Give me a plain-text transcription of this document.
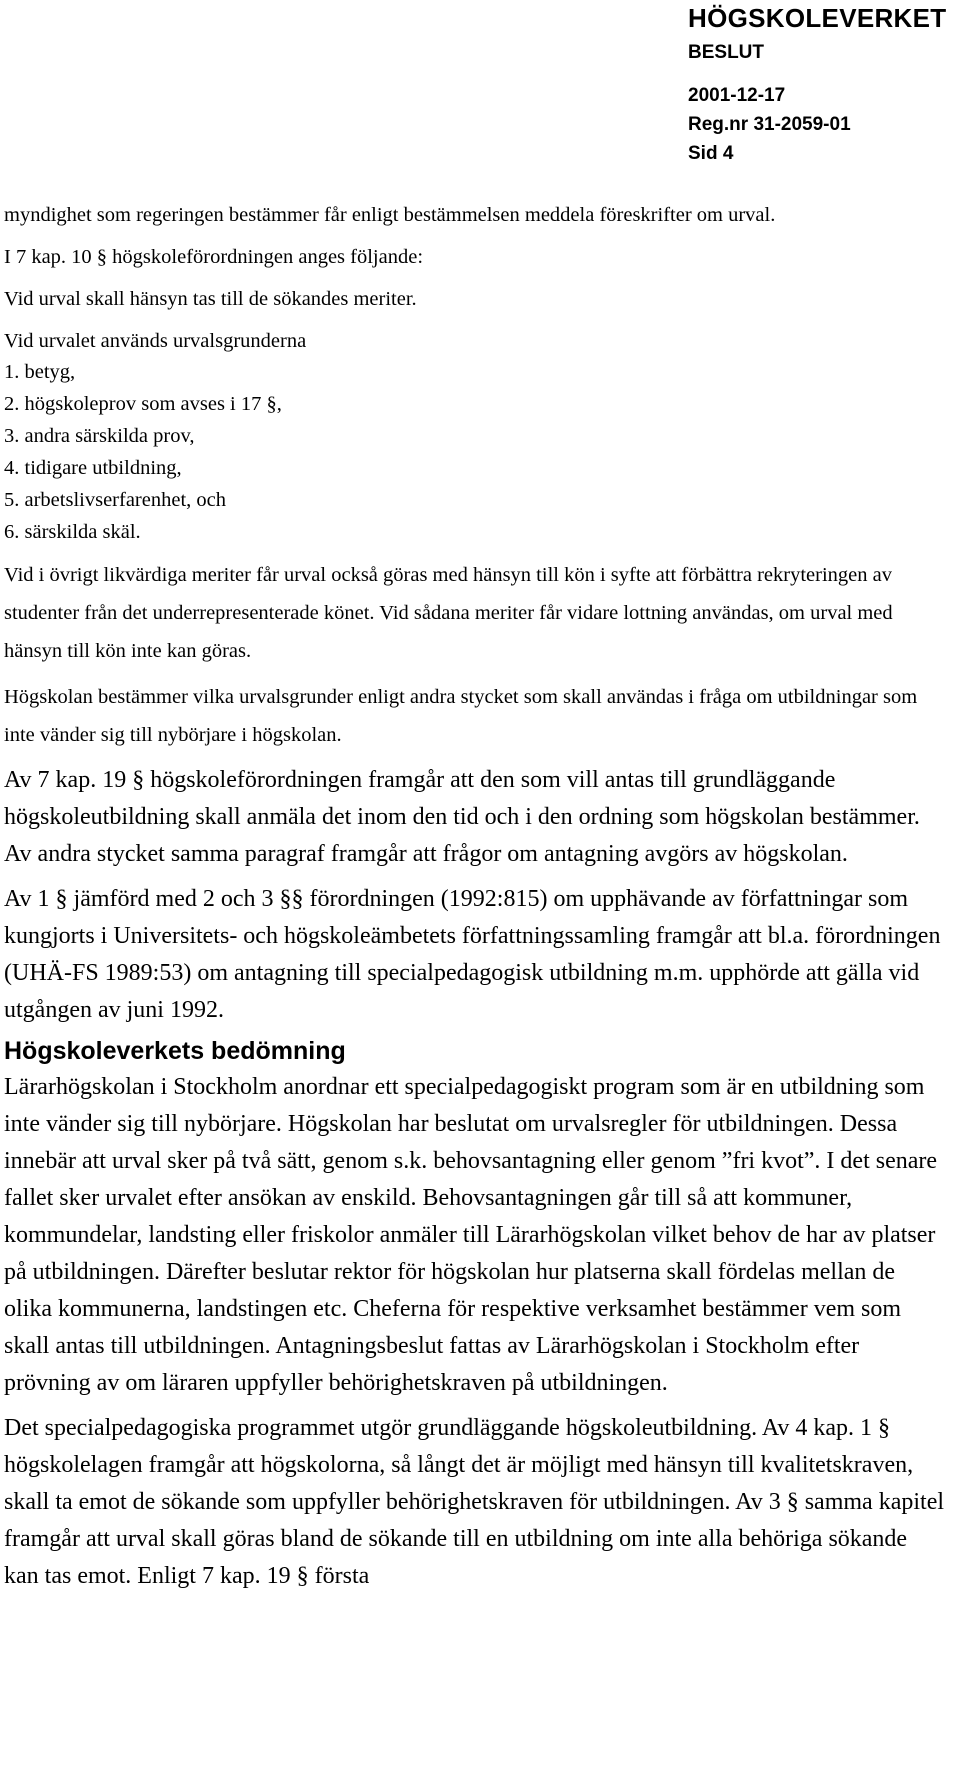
HÖGSKOLEVERKET
BESLUT
2001-12-17
Reg.nr 31-2059-01
Sid 4

myndighet som regeringen bestämmer får enligt bestämmelsen meddela föreskrifter om urval.

I 7 kap. 10 § högskoleförordningen anges följande:

Vid urval skall hänsyn tas till de sökandes meriter.

Vid urvalet används urvalsgrunderna

1. betyg,
2. högskoleprov som avses i 17 §,
3. andra särskilda prov,
4. tidigare utbildning,
5. arbetslivserfarenhet, och
6. särskilda skäl.
Vid i övrigt likvärdiga meriter får urval också göras med hänsyn till kön i syfte att förbättra rekryteringen av studenter från det underrepresenterade könet. Vid sådana meriter får vidare lottning användas, om urval med hänsyn till kön inte kan göras.
Högskolan bestämmer vilka urvalsgrunder enligt andra stycket som skall användas i fråga om utbildningar som inte vänder sig till nybörjare i högskolan.
Av 7 kap. 19 § högskoleförordningen framgår att den som vill antas till grundläggande högskoleutbildning skall anmäla det inom den tid och i den ordning som högskolan bestämmer. Av andra stycket samma paragraf framgår att frågor om antagning avgörs av högskolan.
Av 1 § jämförd med 2 och 3 §§ förordningen (1992:815) om upphävande av författningar som kungjorts i Universitets- och högskoleämbetets författningssamling framgår att bl.a. förordningen (UHÄ-FS 1989:53) om antagning till specialpedagogisk utbildning m.m. upphörde att gälla vid utgången av juni 1992.
Högskoleverkets bedömning
Lärarhögskolan i Stockholm anordnar ett specialpedagogiskt program som är en utbildning som inte vänder sig till nybörjare. Högskolan har beslutat om urvalsregler för utbildningen. Dessa innebär att urval sker på två sätt, genom s.k. behovsantagning eller genom ”fri kvot”. I det senare fallet sker urvalet efter ansökan av enskild. Behovsantagningen går till så att kommuner, kommundelar, landsting eller friskolor anmäler till Lärarhögskolan vilket behov de har av platser på utbildningen. Därefter beslutar rektor för högskolan hur platserna skall fördelas mellan de olika kommunerna, landstingen etc. Cheferna för respektive verksamhet bestämmer vem som skall antas till utbildningen. Antagningsbeslut fattas av Lärarhögskolan i Stockholm efter prövning av om läraren uppfyller behörighetskraven på utbildningen.
Det specialpedagogiska programmet utgör grundläggande högskoleutbildning. Av 4 kap. 1 § högskolelagen framgår att högskolorna, så långt det är möjligt med hänsyn till kvalitetskraven, skall ta emot de sökande som uppfyller behörighetskraven för utbildningen. Av 3 § samma kapitel framgår att urval skall göras bland de sökande till en utbildning om inte alla behöriga sökande kan tas emot. Enligt 7 kap. 19 § första
